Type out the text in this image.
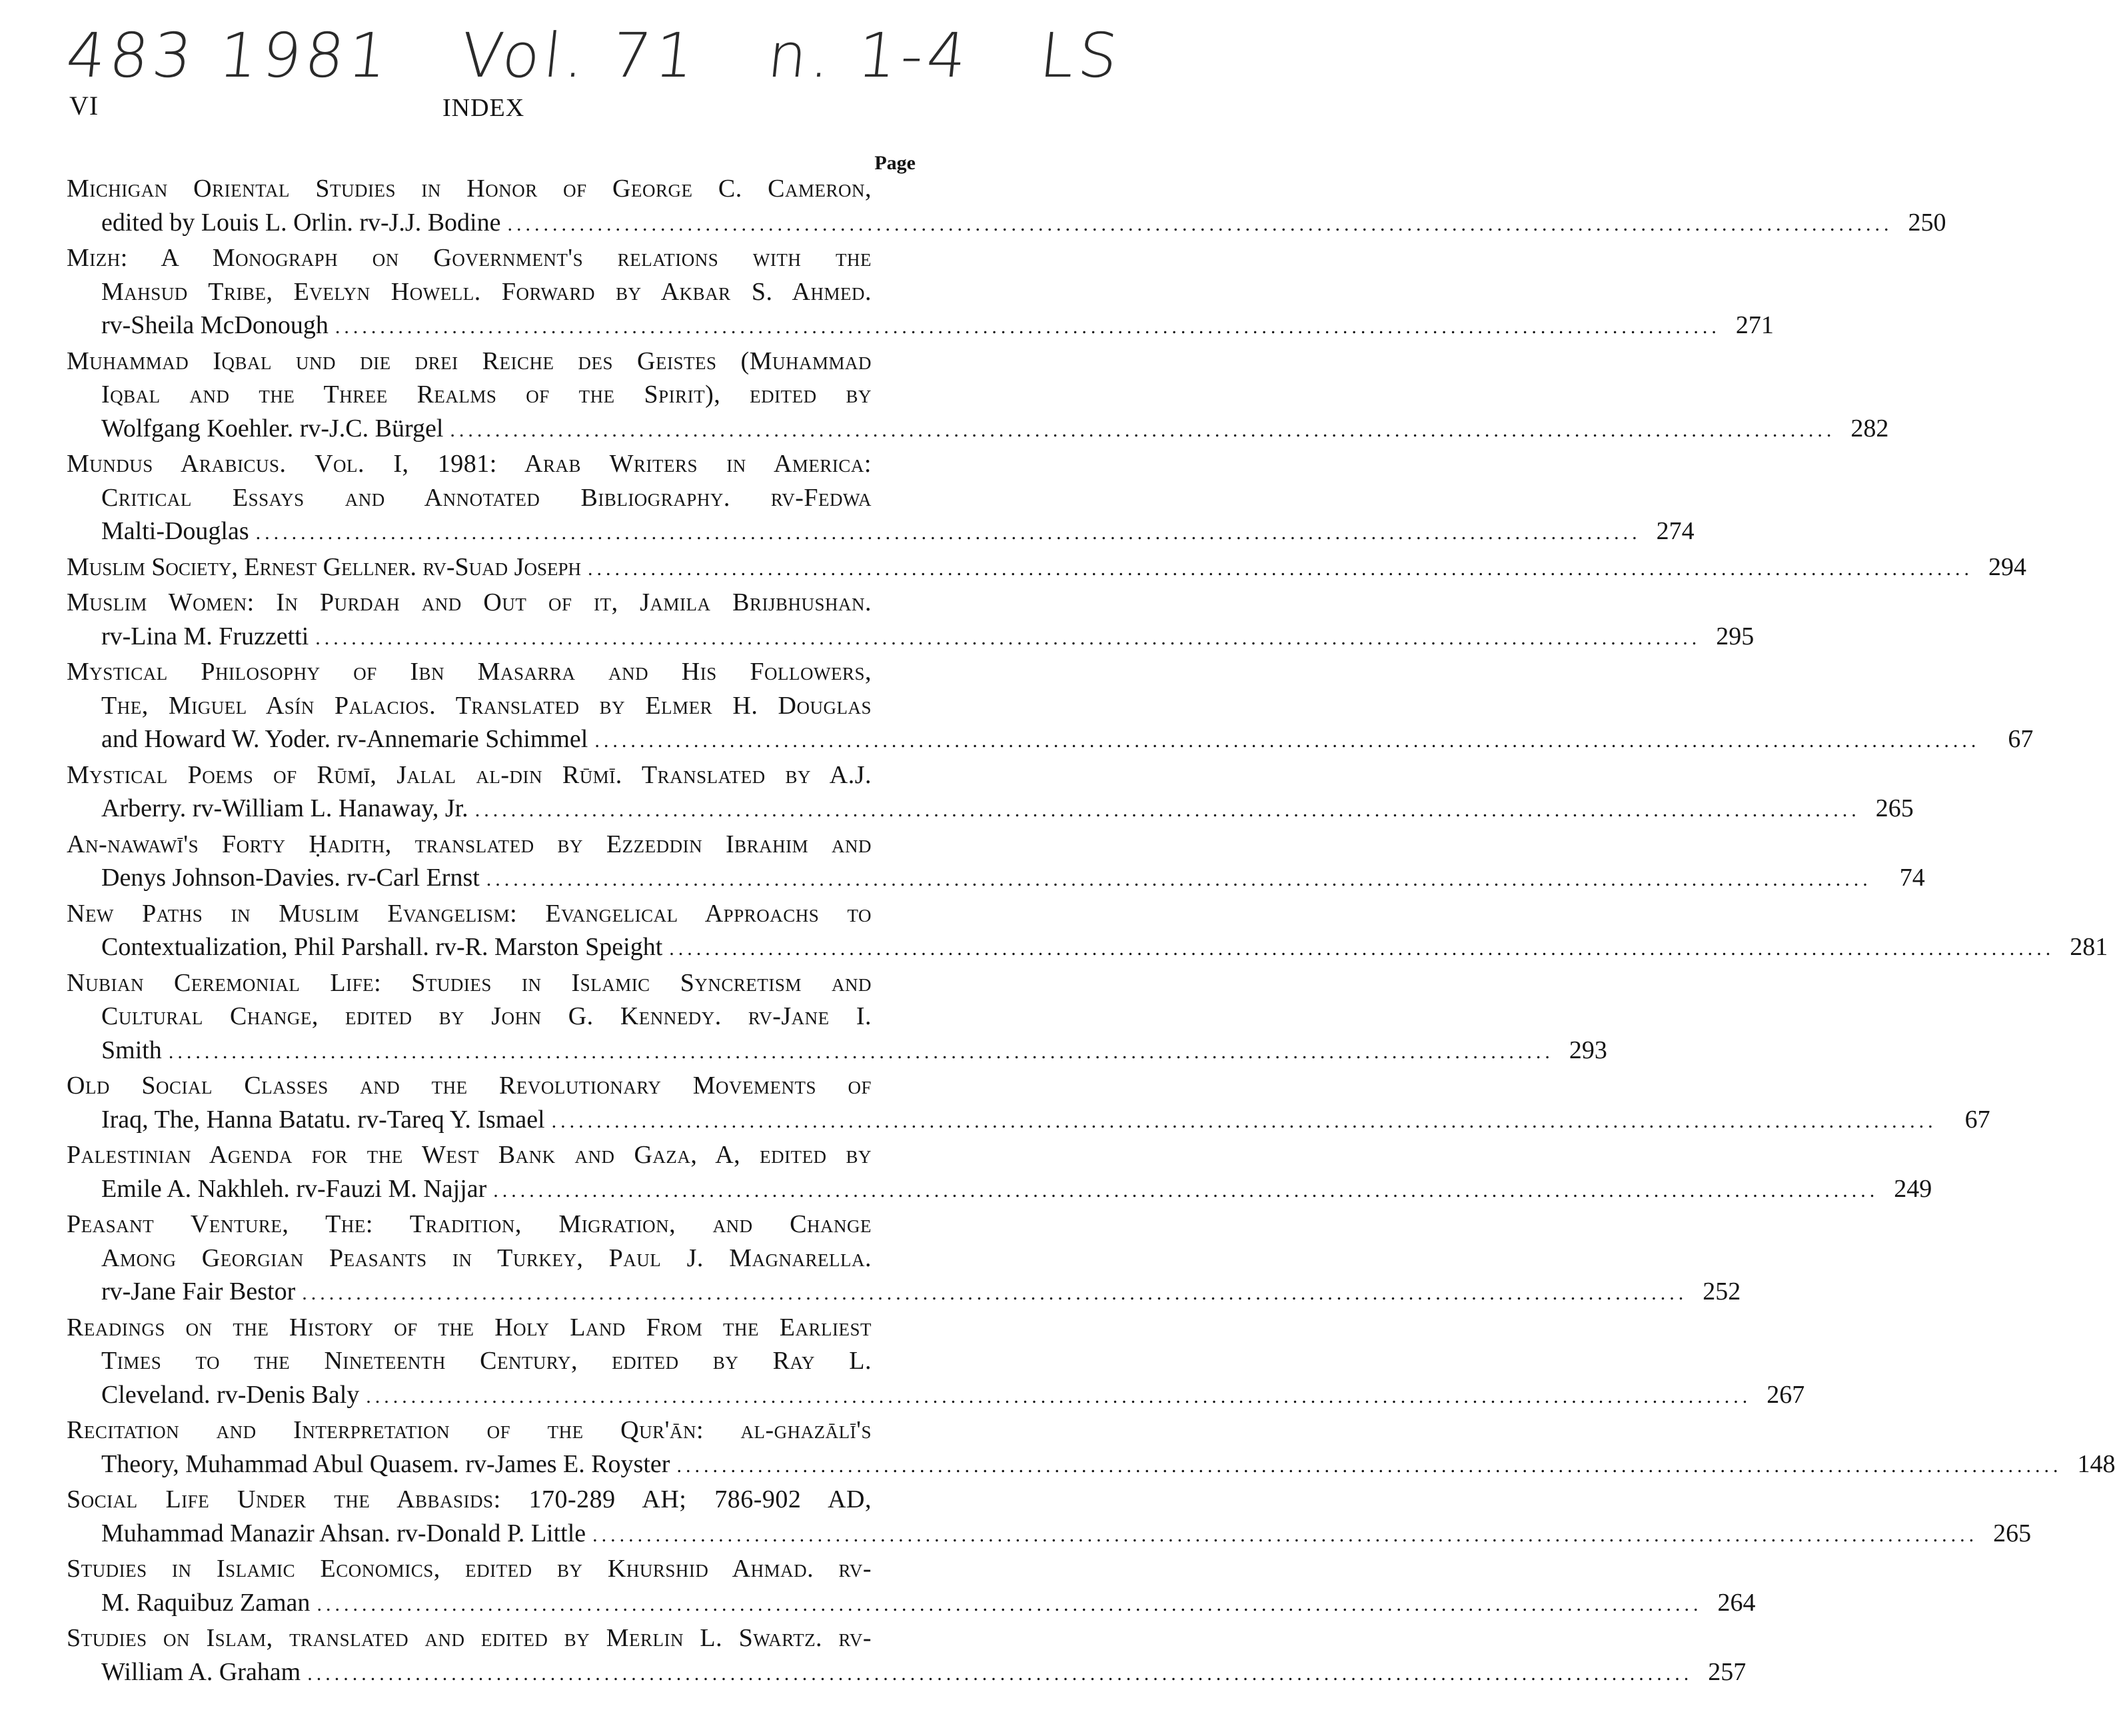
483 1981 Vol. 71 n. 1-4 LS
VI	INDEX
Page
Michigan Oriental Studies in Honor of George C. Cameron,
edited by Louis L. Orlin. rv-J.J. Bodine .....	250
Mizh: A Monograph on Government's relations with the
Mahsud Tribe, Evelyn Howell. Forward by Akbar S. Ahmed.
rv-Sheila McDonough .....	271
Muhammad Iqbal und die drei Reiche des Geistes (Muhammad
Iqbal and the Three Realms of the Spirit), edited by
Wolfgang Koehler. rv-J.C. Bürgel .....	282
Mundus Arabicus. Vol. I, 1981: Arab Writers in America:
Critical Essays and Annotated Bibliography. rv-Fedwa
Malti-Douglas .....	274
Muslim Society, Ernest Gellner. rv-Suad Joseph .....	294
Muslim Women: In Purdah and Out of it, Jamila Brijbhushan.
rv-Lina M. Fruzzetti .....	295
Mystical Philosophy of Ibn Masarra and His Followers,
The, Miguel Asín Palacios. Translated by Elmer H. Douglas
and Howard W. Yoder. rv-Annemarie Schimmel .....	67
Mystical Poems of Rūmī, Jalal al-din Rūmī. Translated by A.J.
Arberry. rv-William L. Hanaway, Jr. .....	265
An-nawawī's Forty Ḥadith, translated by Ezzeddin Ibrahim and
Denys Johnson-Davies. rv-Carl Ernst .....	74
New Paths in Muslim Evangelism: Evangelical Approachs to
Contextualization, Phil Parshall. rv-R. Marston Speight .....	281
Nubian Ceremonial Life: Studies in Islamic Syncretism and
Cultural Change, edited by John G. Kennedy. rv-Jane I.
Smith .....	293
Old Social Classes and the Revolutionary Movements of
Iraq, The, Hanna Batatu. rv-Tareq Y. Ismael .....	67
Palestinian Agenda for the West Bank and Gaza, A, edited by
Emile A. Nakhleh. rv-Fauzi M. Najjar .....	249
Peasant Venture, The: Tradition, Migration, and Change
Among Georgian Peasants in Turkey, Paul J. Magnarella.
rv-Jane Fair Bestor .....	252
Readings on the History of the Holy Land From the Earliest
Times to the Nineteenth Century, edited by Ray L.
Cleveland. rv-Denis Baly .....	267
Recitation and Interpretation of the Qur'ān: al-ghazālī's
Theory, Muhammad Abul Quasem. rv-James E. Royster .....	148
Social Life Under the Abbasids: 170-289 AH; 786-902 AD,
Muhammad Manazir Ahsan. rv-Donald P. Little .....	265
Studies in Islamic Economics, edited by Khurshid Ahmad. rv-
M. Raquibuz Zaman .....	264
Studies on Islam, translated and edited by Merlin L. Swartz. rv-
William A. Graham .....	257
